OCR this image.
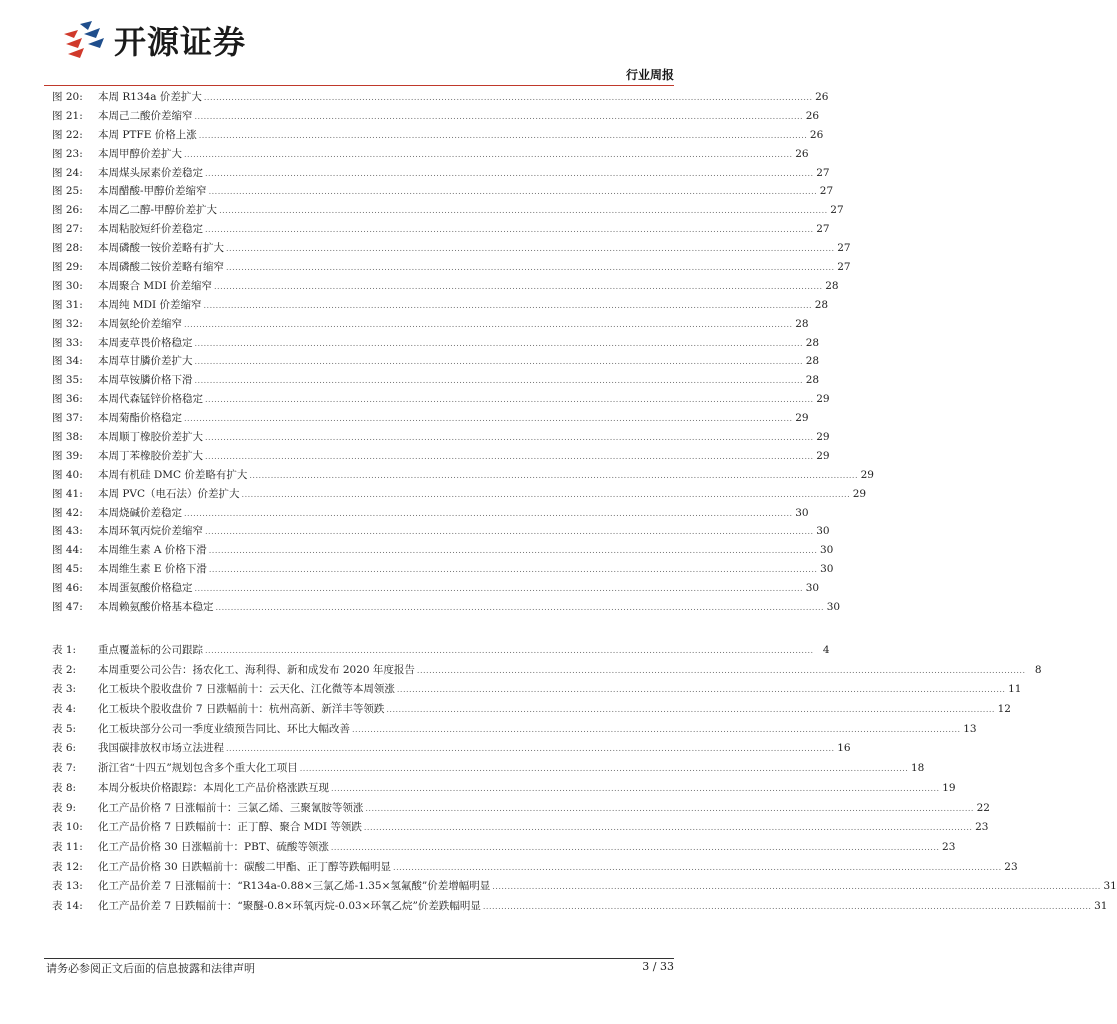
开源证券
行业周报
图 20:	本周 R134a 价差扩大 ........................................................................................................................................................................................................ 26
图 21:	本周己二酸价差缩窄 ........................................................................................................................................................................................................ 26
图 22:	本周 PTFE 价格上涨 ........................................................................................................................................................................................................ 26
图 23:	本周甲醇价差扩大 ........................................................................................................................................................................................................ 26
图 24:	本周煤头尿素价差稳定 ........................................................................................................................................................................................................ 27
图 25:	本周醋酸-甲醇价差缩窄 ........................................................................................................................................................................................................ 27
图 26:	本周乙二醇-甲醇价差扩大 ........................................................................................................................................................................................................ 27
图 27:	本周粘胶短纤价差稳定 ........................................................................................................................................................................................................ 27
图 28:	本周磷酸一铵价差略有扩大 ........................................................................................................................................................................................................ 27
图 29:	本周磷酸二铵价差略有缩窄 ........................................................................................................................................................................................................ 27
图 30:	本周聚合 MDI 价差缩窄 ........................................................................................................................................................................................................ 28
图 31:	本周纯 MDI 价差缩窄 ........................................................................................................................................................................................................ 28
图 32:	本周氨纶价差缩窄 ........................................................................................................................................................................................................ 28
图 33:	本周麦草畏价格稳定 ........................................................................................................................................................................................................ 28
图 34:	本周草甘膦价差扩大 ........................................................................................................................................................................................................ 28
图 35:	本周草铵膦价格下滑 ........................................................................................................................................................................................................ 28
图 36:	本周代森锰锌价格稳定 ........................................................................................................................................................................................................ 29
图 37:	本周菊酯价格稳定 ........................................................................................................................................................................................................ 29
图 38:	本周顺丁橡胶价差扩大 ........................................................................................................................................................................................................ 29
图 39:	本周丁苯橡胶价差扩大 ........................................................................................................................................................................................................ 29
图 40:	本周有机硅 DMC 价差略有扩大 ........................................................................................................................................................................................................ 29
图 41:	本周 PVC（电石法）价差扩大 ........................................................................................................................................................................................................ 29
图 42:	本周烧碱价差稳定 ........................................................................................................................................................................................................ 30
图 43:	本周环氧丙烷价差缩窄 ........................................................................................................................................................................................................ 30
图 44:	本周维生素 A 价格下滑 ........................................................................................................................................................................................................ 30
图 45:	本周维生素 E 价格下滑 ........................................................................................................................................................................................................ 30
图 46:	本周蛋氨酸价格稳定 ........................................................................................................................................................................................................ 30
图 47:	本周赖氨酸价格基本稳定 ........................................................................................................................................................................................................ 30
表 1:	重点覆盖标的公司跟踪 ........................................................................................................................................................................................................ 4
表 2:	本周重要公司公告：扬农化工、海利得、新和成发布 2020 年度报告 ........................................................................................................................................................................................................ 8
表 3:	化工板块个股收盘价 7 日涨幅前十：云天化、江化微等本周领涨 ........................................................................................................................................................................................................ 11
表 4:	化工板块个股收盘价 7 日跌幅前十：杭州高新、新洋丰等领跌 ........................................................................................................................................................................................................ 12
表 5:	化工板块部分公司一季度业绩预告同比、环比大幅改善 ........................................................................................................................................................................................................ 13
表 6:	我国碳排放权市场立法进程 ........................................................................................................................................................................................................ 16
表 7:	浙江省“十四五”规划包含多个重大化工项目 ........................................................................................................................................................................................................ 18
表 8:	本周分板块价格跟踪：本周化工产品价格涨跌互现 ........................................................................................................................................................................................................ 19
表 9:	化工产品价格 7 日涨幅前十：三氯乙烯、三聚氰胺等领涨 ........................................................................................................................................................................................................ 22
表 10:	化工产品价格 7 日跌幅前十：正丁醇、聚合 MDI 等领跌 ........................................................................................................................................................................................................ 23
表 11:	化工产品价格 30 日涨幅前十：PBT、硫酸等领涨 ........................................................................................................................................................................................................ 23
表 12:	化工产品价格 30 日跌幅前十：碳酸二甲酯、正丁醇等跌幅明显 ........................................................................................................................................................................................................ 23
表 13:	化工产品价差 7 日涨幅前十：“R134a-0.88×三氯乙烯-1.35×氢氟酸”价差增幅明显 ........................................................................................................................................................................................................ 31
表 14:	化工产品价差 7 日跌幅前十：“聚醚-0.8×环氧丙烷-0.03×环氧乙烷”价差跌幅明显 ........................................................................................................................................................................................................ 31
请务必参阅正文后面的信息披露和法律声明	3 / 33
